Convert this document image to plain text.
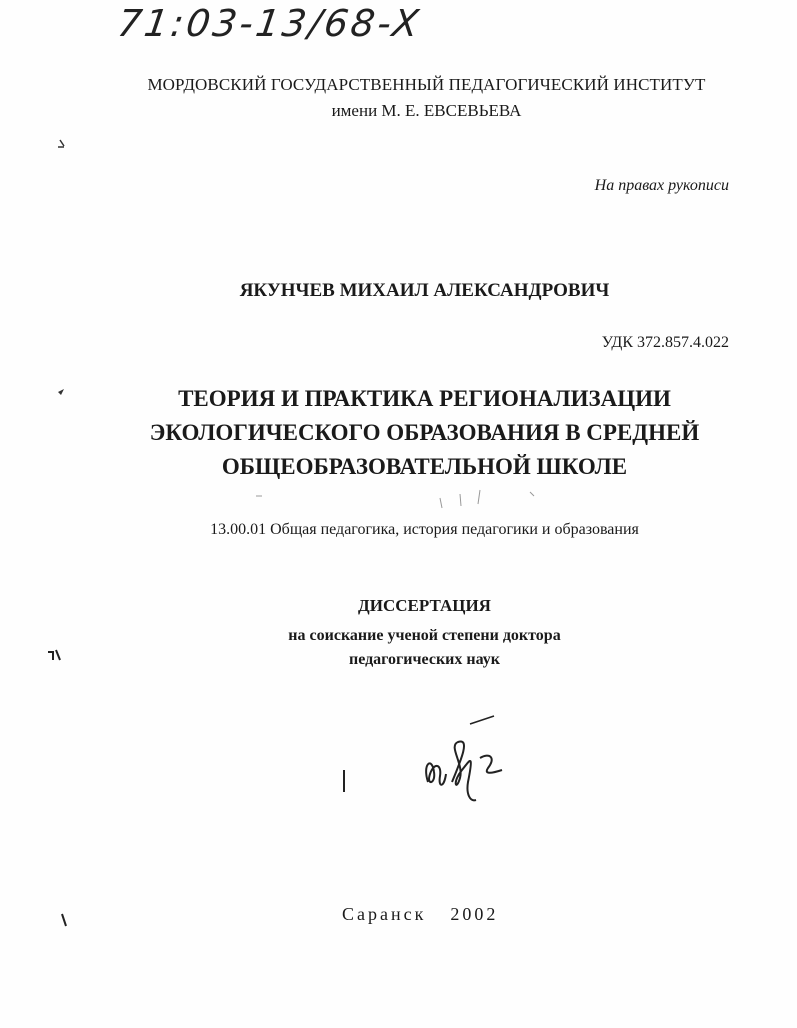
71:03-13/68-X
МОРДОВСКИЙ ГОСУДАРСТВЕННЫЙ ПЕДАГОГИЧЕСКИЙ ИНСТИТУТ
имени М. Е. ЕВСЕВЬЕВА
На правах рукописи
ЯКУНЧЕВ МИХАИЛ АЛЕКСАНДРОВИЧ
УДК 372.857.4.022
ТЕОРИЯ И ПРАКТИКА РЕГИОНАЛИЗАЦИИ
ЭКОЛОГИЧЕСКОГО ОБРАЗОВАНИЯ В СРЕДНЕЙ
ОБЩЕОБРАЗОВАТЕЛЬНОЙ ШКОЛЕ
13.00.01 Общая педагогика, история педагогики и образования
ДИССЕРТАЦИЯ
на соискание ученой степени доктора
педагогических наук
Саранск 2002
